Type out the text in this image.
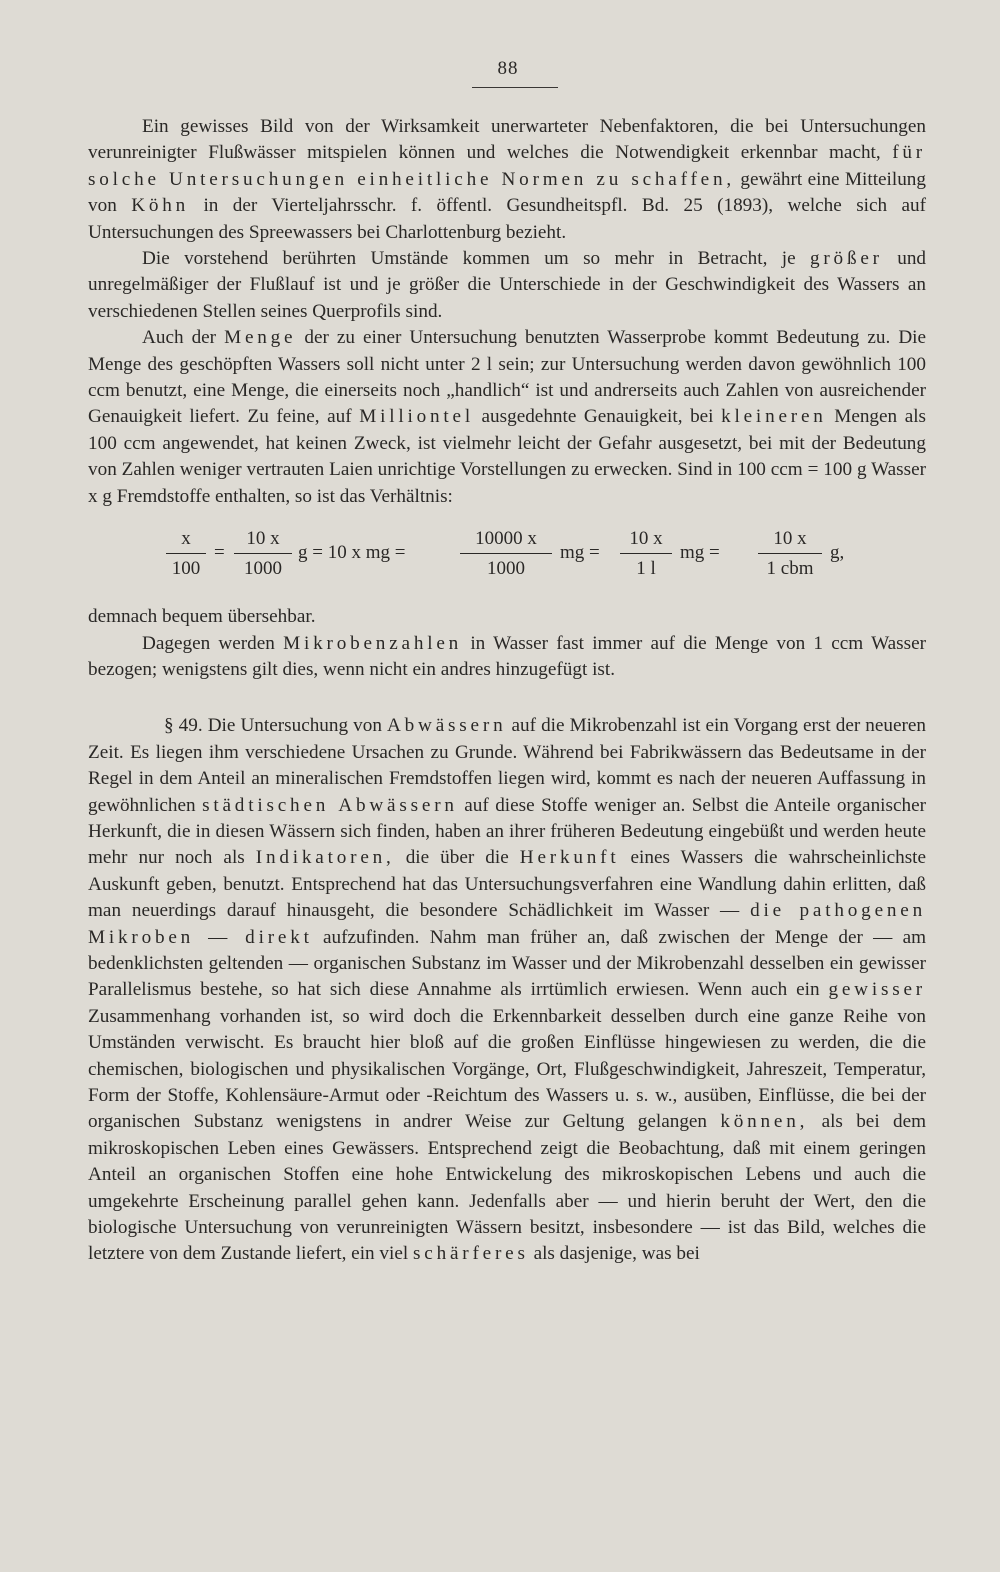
88

Ein gewisses Bild von der Wirksamkeit unerwarteter Nebenfaktoren, die bei Untersuchungen verunreinigter Flußwässer mitspielen können und welches die Notwendigkeit erkennbar macht, für solche Untersuchungen einheitliche Normen zu schaffen, gewährt eine Mitteilung von Köhn in der Vierteljahrsschr. f. öffentl. Gesundheitspfl. Bd. 25 (1893), welche sich auf Untersuchungen des Spreewassers bei Charlottenburg bezieht.

Die vorstehend berührten Umstände kommen um so mehr in Betracht, je größer und unregelmäßiger der Flußlauf ist und je größer die Unterschiede in der Geschwindigkeit des Wassers an verschiedenen Stellen seines Querprofils sind.

Auch der Menge der zu einer Untersuchung benutzten Wasserprobe kommt Bedeutung zu. Die Menge des geschöpften Wassers soll nicht unter 2 l sein; zur Untersuchung werden davon gewöhnlich 100 ccm benutzt, eine Menge, die einerseits noch „handlich“ ist und andrerseits auch Zahlen von ausreichender Genauigkeit liefert. Zu feine, auf Milliontel ausgedehnte Genauigkeit, bei kleineren Mengen als 100 ccm angewendet, hat keinen Zweck, ist vielmehr leicht der Gefahr ausgesetzt, bei mit der Bedeutung von Zahlen weniger vertrauten Laien unrichtige Vorstellungen zu erwecken. Sind in 100 ccm = 100 g Wasser x g Fremdstoffe enthalten, so ist das Verhältnis:

x
100
=
10 x
1000
g = 10 x mg =
10000 x
1000
mg =
10 x
1 l
mg =
10 x
1 cbm
g,

demnach bequem übersehbar.

Dagegen werden Mikrobenzahlen in Wasser fast immer auf die Menge von 1 ccm Wasser bezogen; wenigstens gilt dies, wenn nicht ein andres hinzugefügt ist.

§ 49. Die Untersuchung von Abwässern auf die Mikrobenzahl ist ein Vorgang erst der neueren Zeit. Es liegen ihm verschiedene Ursachen zu Grunde. Während bei Fabrikwässern das Bedeutsame in der Regel in dem Anteil an mineralischen Fremdstoffen liegen wird, kommt es nach der neueren Auffassung in gewöhnlichen städtischen Abwässern auf diese Stoffe weniger an. Selbst die Anteile organischer Herkunft, die in diesen Wässern sich finden, haben an ihrer früheren Bedeutung eingebüßt und werden heute mehr nur noch als Indikatoren, die über die Herkunft eines Wassers die wahrscheinlichste Auskunft geben, benutzt. Entsprechend hat das Untersuchungsverfahren eine Wandlung dahin erlitten, daß man neuerdings darauf hinausgeht, die besondere Schädlichkeit im Wasser — die pathogenen Mikroben — direkt aufzufinden. Nahm man früher an, daß zwischen der Menge der — am bedenklichsten geltenden — organischen Substanz im Wasser und der Mikrobenzahl desselben ein gewisser Parallelismus bestehe, so hat sich diese Annahme als irrtümlich erwiesen. Wenn auch ein gewisser Zusammenhang vorhanden ist, so wird doch die Erkennbarkeit desselben durch eine ganze Reihe von Umständen verwischt. Es braucht hier bloß auf die großen Einflüsse hingewiesen zu werden, die die chemischen, biologischen und physikalischen Vorgänge, Ort, Flußgeschwindigkeit, Jahreszeit, Temperatur, Form der Stoffe, Kohlensäure-Armut oder -Reichtum des Wassers u. s. w., ausüben, Einflüsse, die bei der organischen Substanz wenigstens in andrer Weise zur Geltung gelangen können, als bei dem mikroskopischen Leben eines Gewässers. Entsprechend zeigt die Beobachtung, daß mit einem geringen Anteil an organischen Stoffen eine hohe Entwickelung des mikroskopischen Lebens und auch die umgekehrte Erscheinung parallel gehen kann. Jedenfalls aber — und hierin beruht der Wert, den die biologische Untersuchung von verunreinigten Wässern besitzt, insbesondere — ist das Bild, welches die letztere von dem Zustande liefert, ein viel schärferes als dasjenige, was bei
